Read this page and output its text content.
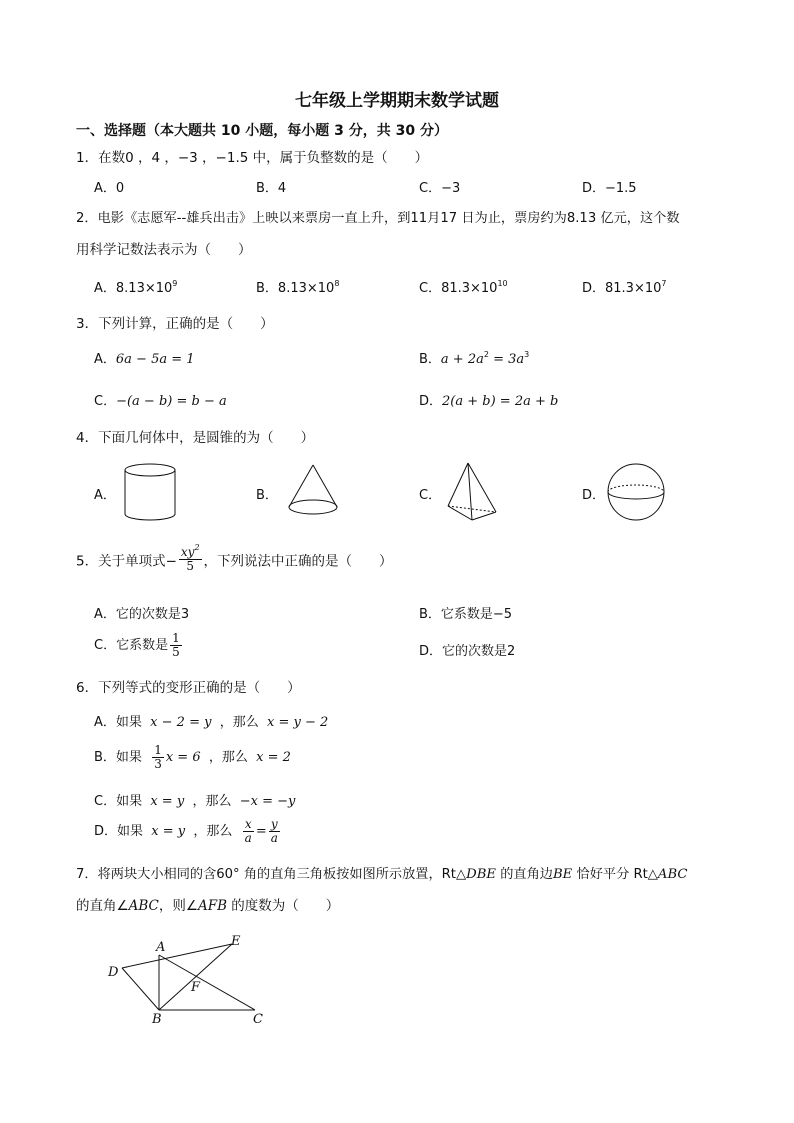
七年级上学期期末数学试题
一、选择题（本大题共 10 小题，每小题 3 分，共 30 分）
1．在数0 ，4 ，−3 ，−1.5 中，属于负整数的是（　　）
A．0	B．4	C．−3	D．−1.5
2．电影《志愿军--雄兵出击》上映以来票房一直上升，到11月17 日为止，票房约为8.13 亿元，这个数
用科学记数法表示为（　　）
A．$8.13\times 10^9$	B．$8.13\times 10^8$	C．$81.3\times 10^{10}$	D．$81.3\times 10^7$
3．下列计算，正确的是（　　）
A．6a − 5a = 1	B．$a + 2a^2 = 3a^3$
C．−(a − b) = b − a	D．2(a + b) = 2a + b
4．下面几何体中，是圆锥的为（　　）
A．	B．	C．	D．
5．关于单项式− $\frac{xy^2}{5}$ ，下列说法中正确的是（　　）
A．它的次数是3	B．它系数是−5
C．它系数是 $\frac{1}{5}$	D．它的次数是2
6．下列等式的变形正确的是（　　）
A．如果 x − 2 = y ，那么 x = y − 2
B．如果 $\frac{1}{3}$ x = 6 ，那么 x = 2
C．如果 x = y ，那么 −x = −y
D．如果 x = y ，那么 $\frac{x}{a} = \frac{y}{a}$
7．将两块大小相同的含60° 角的直角三角板按如图所示放置，Rt△DBE 的直角边BE 恰好平分 Rt△ABC
的直角∠ABC，则∠AFB 的度数为（　　）
A
D
E
F
B	C
